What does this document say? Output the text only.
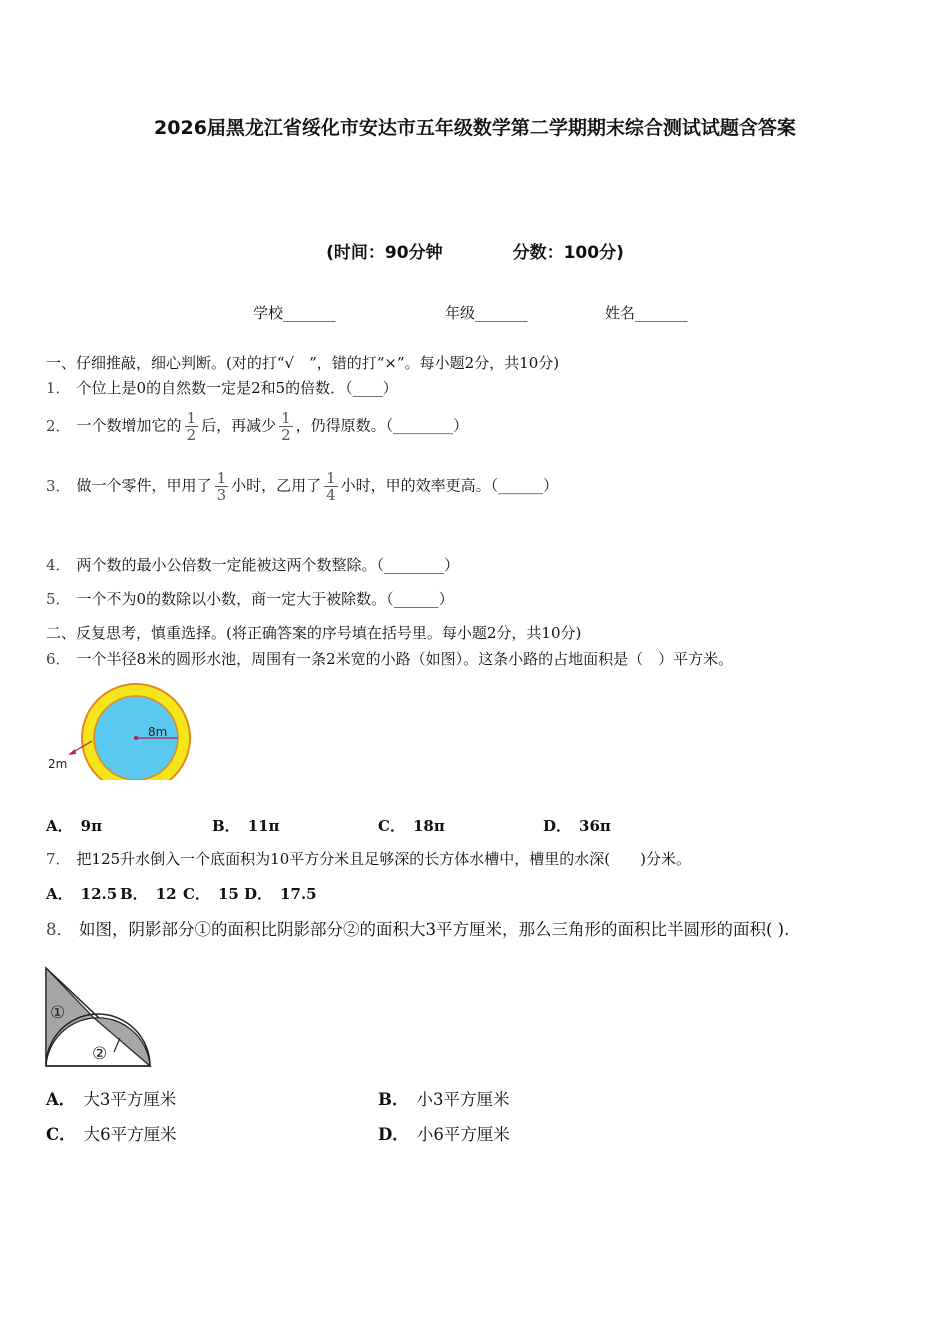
2026届黑龙江省绥化市安达市五年级数学第二学期期末综合测试试题含答案
(时间：90分钟	分数：100分)
学校_______	年级_______	姓名_______
一、仔细推敲，细心判断。(对的打“√　”，错的打“×”。每小题2分，共10分)
1． 个位上是0的自然数一定是2和5的倍数．（____）
2． 一个数增加它的 $\frac{1}{2}$ 后，再减少 $\frac{1}{2}$ ，仍得原数。（________）
3． 做一个零件，甲用了 $\frac{1}{3}$ 小时，乙用了 $\frac{1}{4}$ 小时，甲的效率更高。（______）
4． 两个数的最小公倍数一定能被这两个数整除。（________）
5． 一个不为0的数除以小数，商一定大于被除数。（______）
二、反复思考，慎重选择。(将正确答案的序号填在括号里。每小题2分，共10分)
6． 一个半径8米的圆形水池，周围有一条2米宽的小路（如图）。这条小路的占地面积是（　）平方米。
8m
2m
A． 9π	B． 11π	C． 18π	D． 36π
7． 把125升水倒入一个底面积为10平方分米且足够深的长方体水槽中，槽里的水深(　　)分米。
A． 12.5 B． 12 C． 15 D． 17.5
8． 如图，阴影部分①的面积比阴影部分②的面积大3平方厘米，那么三角形的面积比半圆形的面积( ).
①
②
A． 大3平方厘米	B． 小3平方厘米
C． 大6平方厘米	D． 小6平方厘米
